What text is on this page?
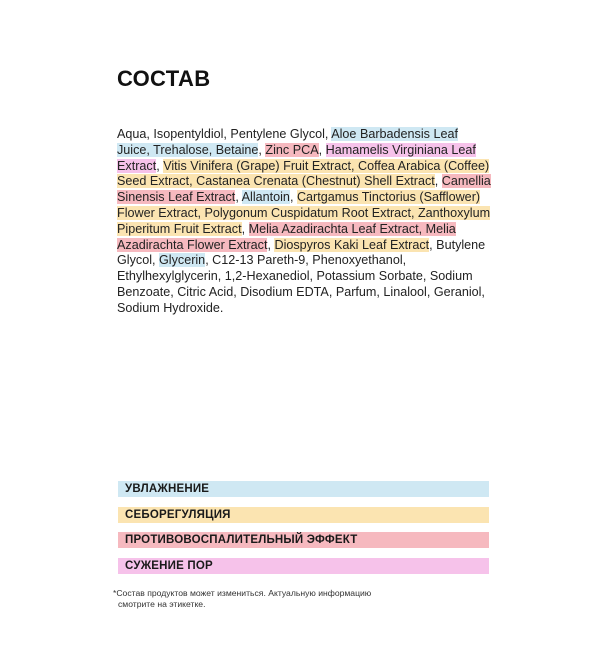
СОСТАВ
Aqua, Isopentyldiol, Pentylene Glycol, Aloe Barbadensis Leaf Juice, Trehalose, Betaine, Zinc PCA, Hamamelis Virginiana Leaf Extract, Vitis Vinifera (Grape) Fruit Extract, Coffea Arabica (Coffee) Seed Extract, Castanea Crenata (Chestnut) Shell Extract, Camellia Sinensis Leaf Extract, Allantoin, Cartgamus Tinctorius (Safflower) Flower Extract, Polygonum Cuspidatum Root Extract, Zanthoxylum Piperitum Fruit Extract, Melia Azadirachta Leaf Extract, Melia Azadirachta Flower Extract, Diospyros Kaki Leaf Extract, Butylene Glycol, Glycerin, C12-13 Pareth-9, Phenoxyethanol, Ethylhexylglycerin, 1,2-Hexanediol, Potassium Sorbate, Sodium Benzoate, Citric Acid, Disodium EDTA, Parfum, Linalool, Geraniol, Sodium Hydroxide.
УВЛАЖНЕНИЕ
СЕБОРЕГУЛЯЦИЯ
ПРОТИВОВОСПАЛИТЕЛЬНЫЙ ЭФФЕКТ
СУЖЕНИЕ ПОР
*Состав продуктов может измениться. Актуальную информацию
смотрите на этикетке.
